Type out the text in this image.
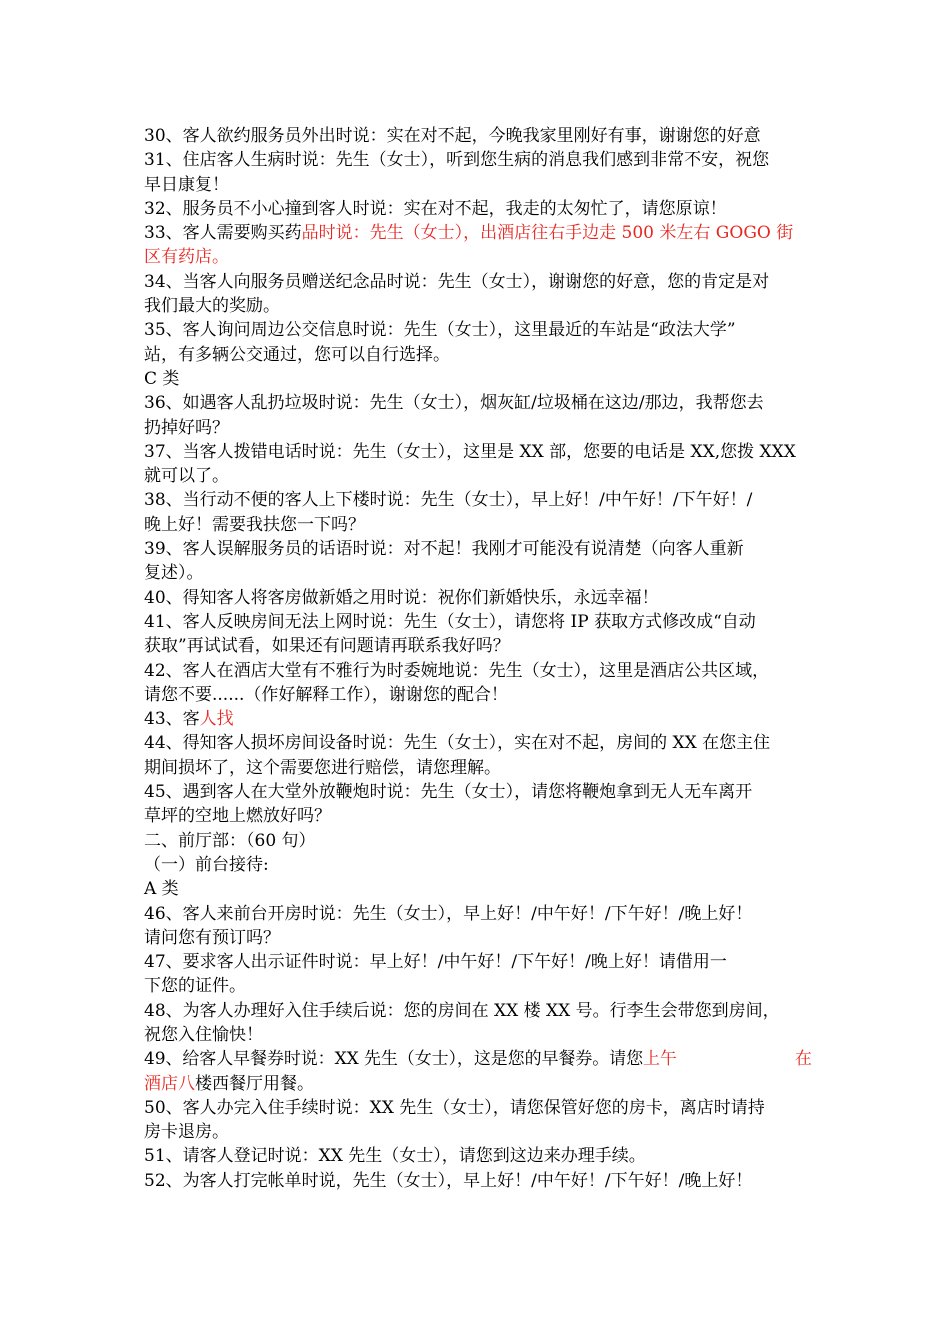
30、客人欲约服务员外出时说：实在对不起，今晚我家里刚好有事，谢谢您的好意
31、住店客人生病时说：先生（女士），听到您生病的消息我们感到非常不安，祝您
早日康复！
32、服务员不小心撞到客人时说：实在对不起，我走的太匆忙了，请您原谅！
33、客人需要购买药品时说：先生（女士），出酒店往右手边走 500 米左右 GOGO 街
区有药店。
34、当客人向服务员赠送纪念品时说：先生（女士），谢谢您的好意，您的肯定是对
我们最大的奖励。
35、客人询问周边公交信息时说：先生（女士），这里最近的车站是“政法大学”
站，有多辆公交通过，您可以自行选择。
C 类
36、如遇客人乱扔垃圾时说：先生（女士），烟灰缸/垃圾桶在这边/那边，我帮您去
扔掉好吗？
37、当客人拨错电话时说：先生（女士），这里是 XX 部，您要的电话是 XX,您拨 XXX
就可以了。
38、当行动不便的客人上下楼时说：先生（女士），早上好！/中午好！/下午好！/
晚上好！需要我扶您一下吗？
39、客人误解服务员的话语时说：对不起！我刚才可能没有说清楚（向客人重新
复述）。
40、得知客人将客房做新婚之用时说：祝你们新婚快乐，永远幸福！
41、客人反映房间无法上网时说：先生（女士），请您将 IP 获取方式修改成“自动
获取”再试试看，如果还有问题请再联系我好吗？
42、客人在酒店大堂有不雅行为时委婉地说：先生（女士），这里是酒店公共区域，
请您不要......（作好解释工作），谢谢您的配合！
43、客人找
44、得知客人损坏房间设备时说：先生（女士），实在对不起，房间的 XX 在您主住
期间损坏了，这个需要您进行赔偿，请您理解。
45、遇到客人在大堂外放鞭炮时说：先生（女士），请您将鞭炮拿到无人无车离开
草坪的空地上燃放好吗？
二、前厅部：（60 句）
（一）前台接待:
A 类
46、客人来前台开房时说：先生（女士），早上好！/中午好！/下午好！/晚上好！
请问您有预订吗？
47、要求客人出示证件时说：早上好！/中午好！/下午好！/晚上好！请借用一
下您的证件。
48、为客人办理好入住手续后说：您的房间在 XX 楼 XX 号。行李生会带您到房间，
祝您入住愉快！
49、给客人早餐券时说：XX 先生（女士），这是您的早餐券。请您上午	在
酒店八楼西餐厅用餐。
50、客人办完入住手续时说：XX 先生（女士），请您保管好您的房卡，离店时请持
房卡退房。
51、请客人登记时说：XX 先生（女士），请您到这边来办理手续。
52、为客人打完帐单时说，先生（女士），早上好！/中午好！/下午好！/晚上好！
